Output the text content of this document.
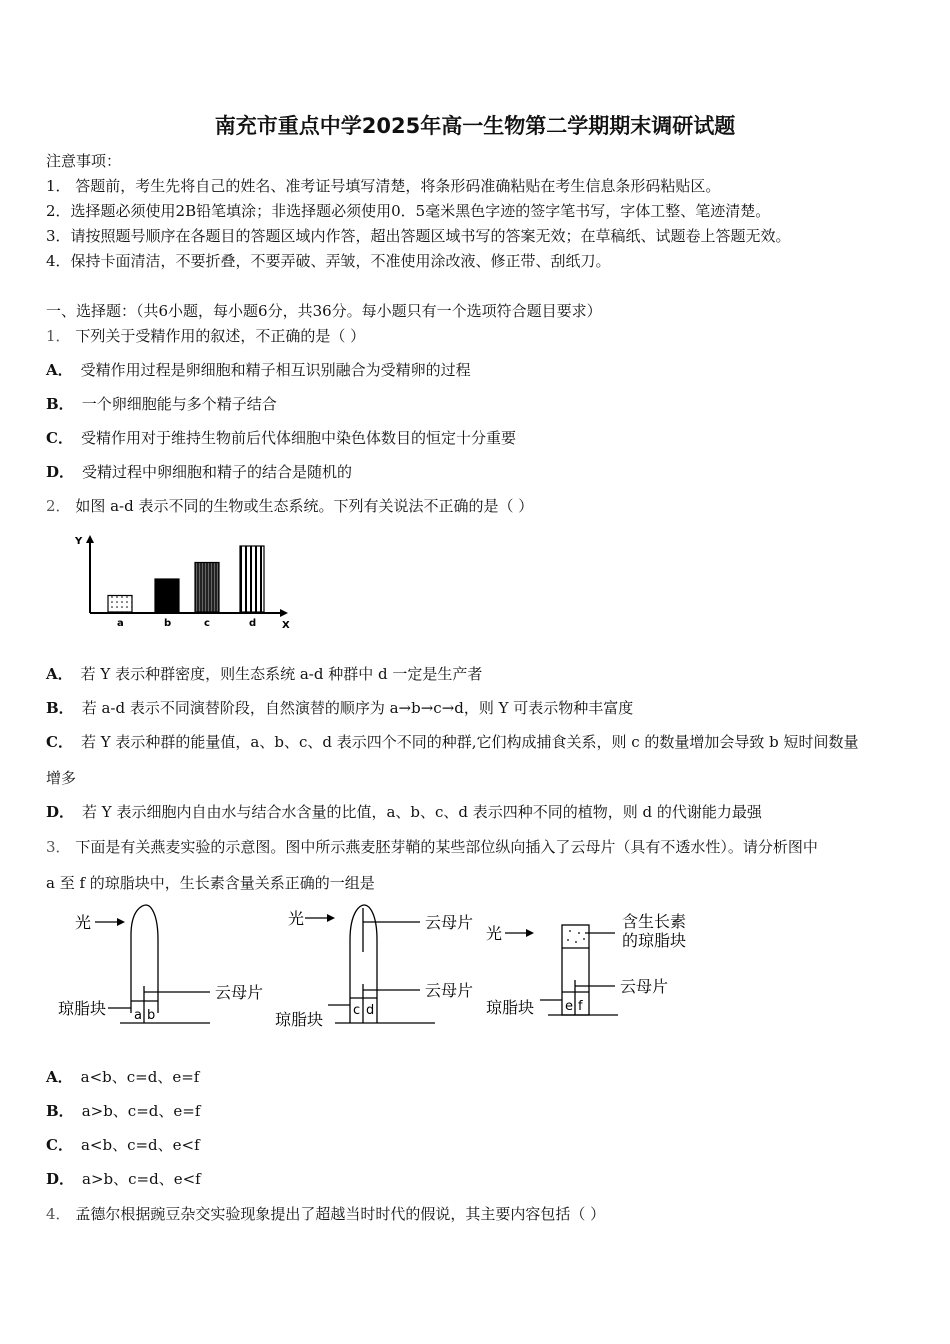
南充市重点中学2025年高一生物第二学期期末调研试题
注意事项：
1． 答题前，考生先将自己的姓名、准考证号填写清楚，将条形码准确粘贴在考生信息条形码粘贴区。
2．选择题必须使用2B铅笔填涂；非选择题必须使用0．5毫米黑色字迹的签字笔书写，字体工整、笔迹清楚。
3．请按照题号顺序在各题目的答题区域内作答，超出答题区域书写的答案无效；在草稿纸、试题卷上答题无效。
4．保持卡面清洁，不要折叠，不要弄破、弄皱，不准使用涂改液、修正带、刮纸刀。
一、选择题：（共6小题，每小题6分，共36分。每小题只有一个选项符合题目要求）
1． 下列关于受精作用的叙述，不正确的是（ ）
A． 受精作用过程是卵细胞和精子相互识别融合为受精卵的过程
B． 一个卵细胞能与多个精子结合
C． 受精作用对于维持生物前后代体细胞中染色体数目的恒定十分重要
D． 受精过程中卵细胞和精子的结合是随机的
2． 如图 a-d 表示不同的生物或生态系统。下列有关说法不正确的是（ ）
Y
X
a	b	c	d
A． 若 Y 表示种群密度，则生态系统 a-d 种群中 d 一定是生产者
B． 若 a-d 表示不同演替阶段，自然演替的顺序为 a→b→c→d，则 Y 可表示物种丰富度
C． 若 Y 表示种群的能量值，a、b、c、d 表示四个不同的种群,它们构成捕食关系，则 c 的数量增加会导致 b 短时间数量
增多
D． 若 Y 表示细胞内自由水与结合水含量的比值，a、b、c、d 表示四种不同的植物，则 d 的代谢能力最强
3． 下面是有关燕麦实验的示意图。图中所示燕麦胚芽鞘的某些部位纵向插入了云母片（具有不透水性）。请分析图中
a 至 f 的琼脂块中，生长素含量关系正确的一组是
光
云母片
琼脂块 a b
光	云母片
云母片
琼脂块 c d
光
含生长素
的琼脂块
云母片
琼脂块 e f
A． a<b、c=d、e=f
B． a>b、c=d、e=f
C． a<b、c=d、e<f
D． a>b、c=d、e<f
4． 孟德尔根据豌豆杂交实验现象提出了超越当时时代的假说，其主要内容包括（ ）
